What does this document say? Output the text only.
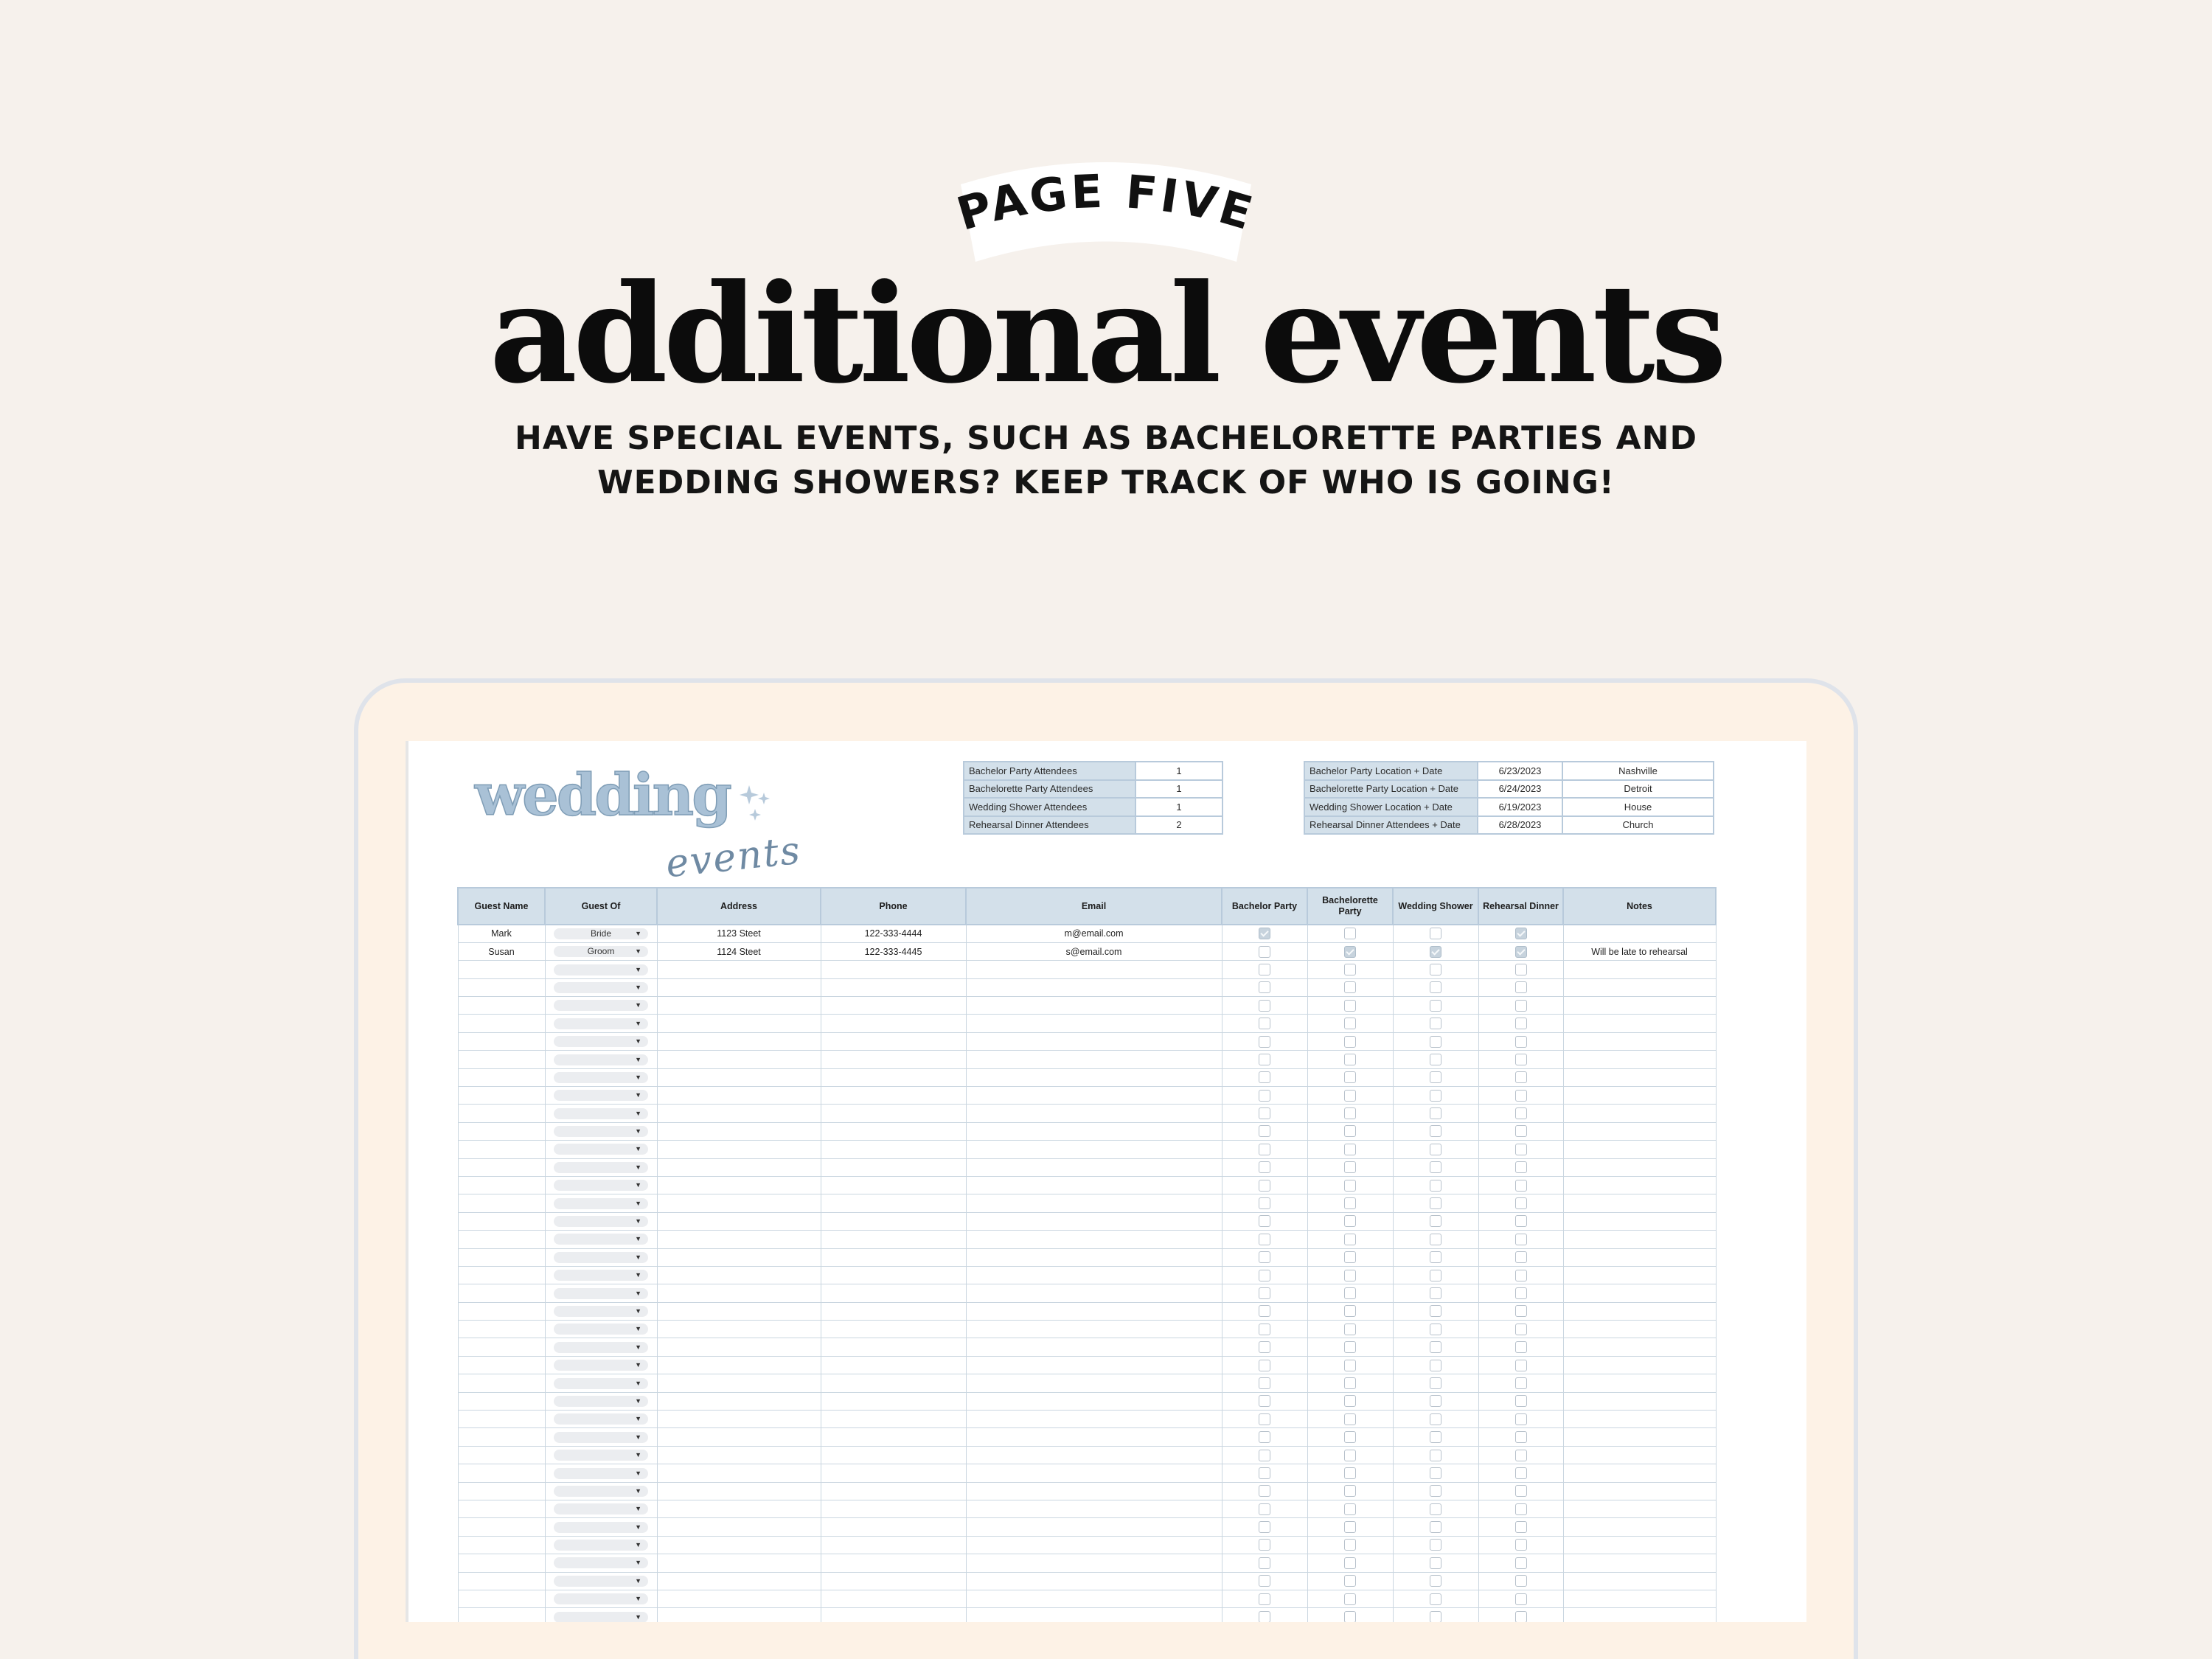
PAGE FIVE
additional events
HAVE SPECIAL EVENTS, SUCH AS BACHELORETTE PARTIES AND
WEDDING SHOWERS? KEEP TRACK OF WHO IS GOING!
wedding
events
Bachelor Party Attendees	1
Bachelorette Party Attendees	1
Wedding Shower Attendees	1
Rehearsal Dinner Attendees	2
Bachelor Party Location + Date	6/23/2023	Nashville
Bachelorette Party Location + Date	6/24/2023	Detroit
Wedding Shower Location + Date	6/19/2023	House
Rehearsal Dinner Attendees + Date	6/28/2023	Church
Guest Name	Guest Of	Address	Phone	Email	Bachelor Party	Bachelorette Party	Wedding Shower	Rehearsal Dinner	Notes
Mark	Bride ▼	1123 Steet	122-333-4444	m@email.com					
Susan	Groom ▼	1124 Steet	122-333-4445	s@email.com					Will be late to rehearsal

	▼								

	▼								

	▼								

	▼								

	▼								

	▼								

	▼								

	▼								

	▼								

	▼								

	▼								

	▼								

	▼								

	▼								

	▼								

	▼								

	▼								

	▼								

	▼								

	▼								

	▼								

	▼								

	▼								

	▼								

	▼								

	▼								

	▼								

	▼								

	▼								

	▼								

	▼								

	▼								

	▼								

	▼								

	▼								

	▼								

	▼								
